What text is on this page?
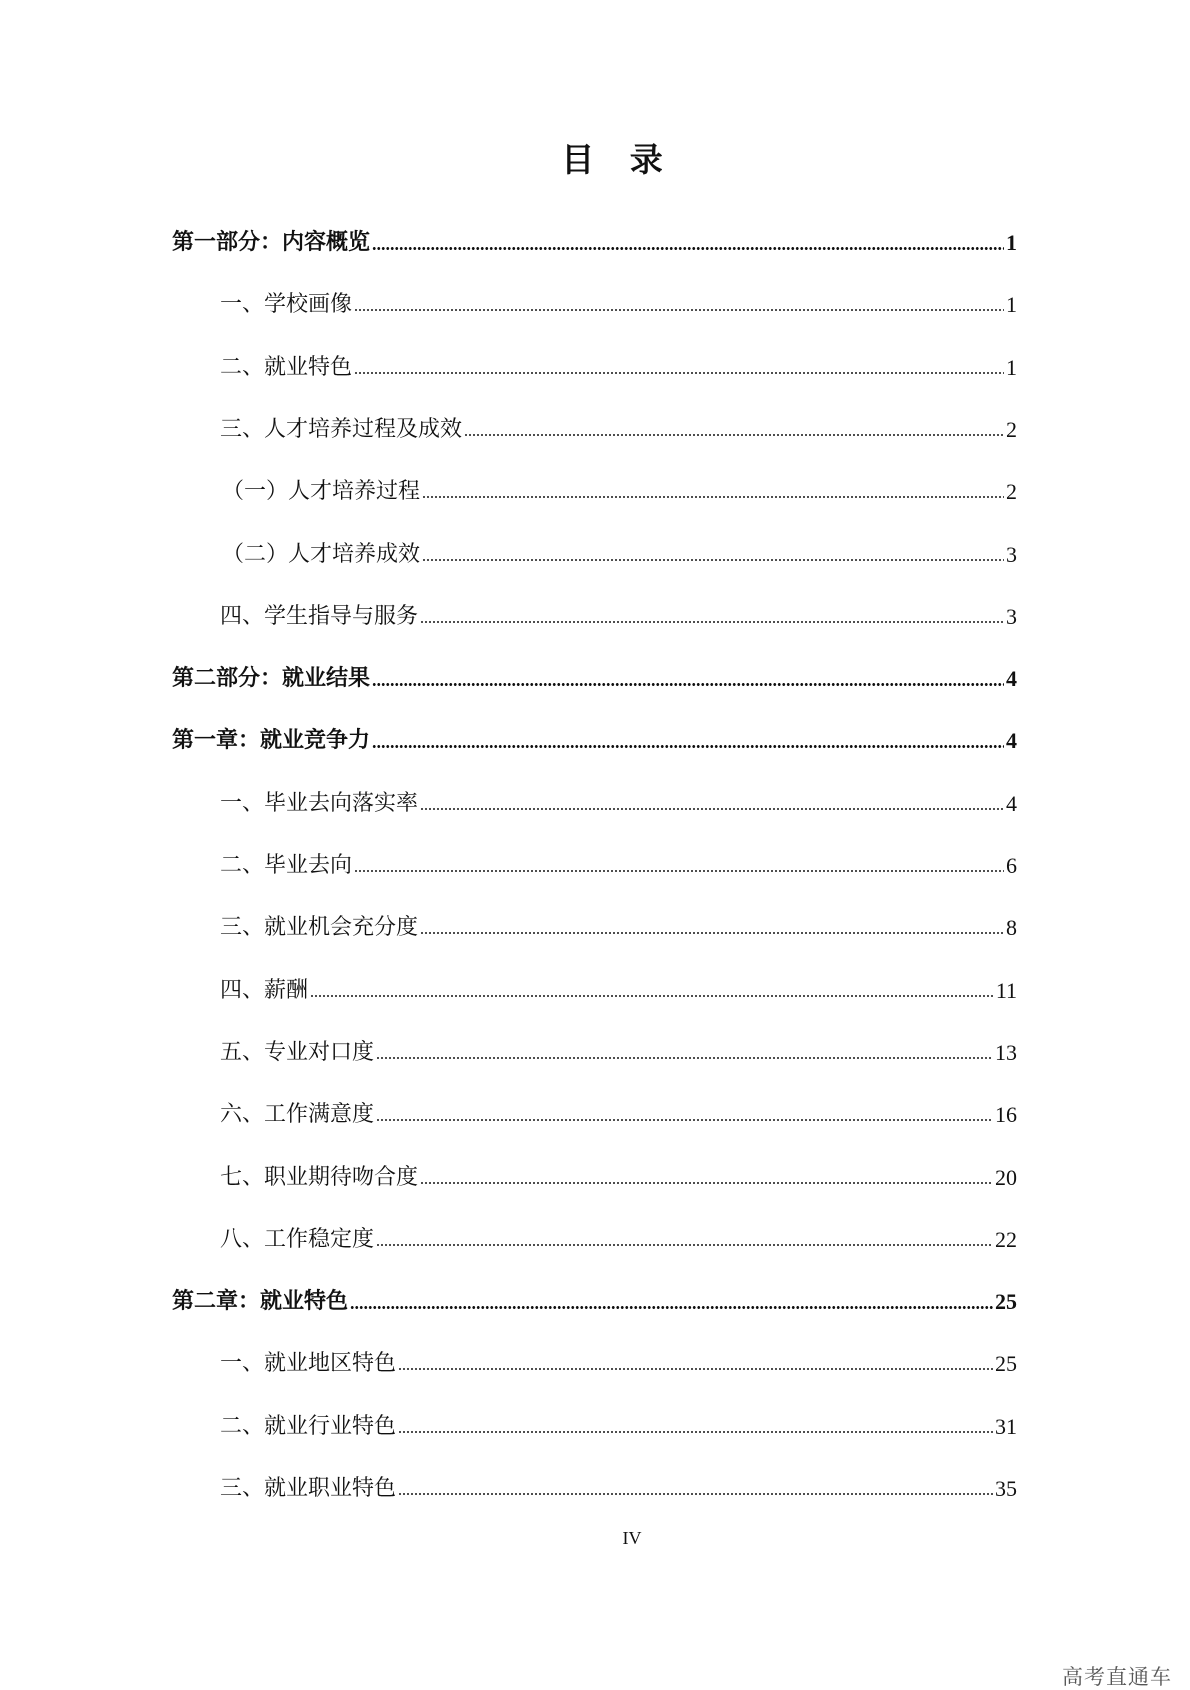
目 录
第一部分：内容概览	1
一、学校画像	1
二、就业特色	1
三、人才培养过程及成效	2
（一）人才培养过程	2
（二）人才培养成效	3
四、学生指导与服务	3
第二部分：就业结果	4
第一章：就业竞争力	4
一、毕业去向落实率	4
二、毕业去向	6
三、就业机会充分度	8
四、薪酬	11
五、专业对口度	13
六、工作满意度	16
七、职业期待吻合度	20
八、工作稳定度	22
第二章：就业特色	25
一、就业地区特色	25
二、就业行业特色	31
三、就业职业特色	35
IV
高考直通车
